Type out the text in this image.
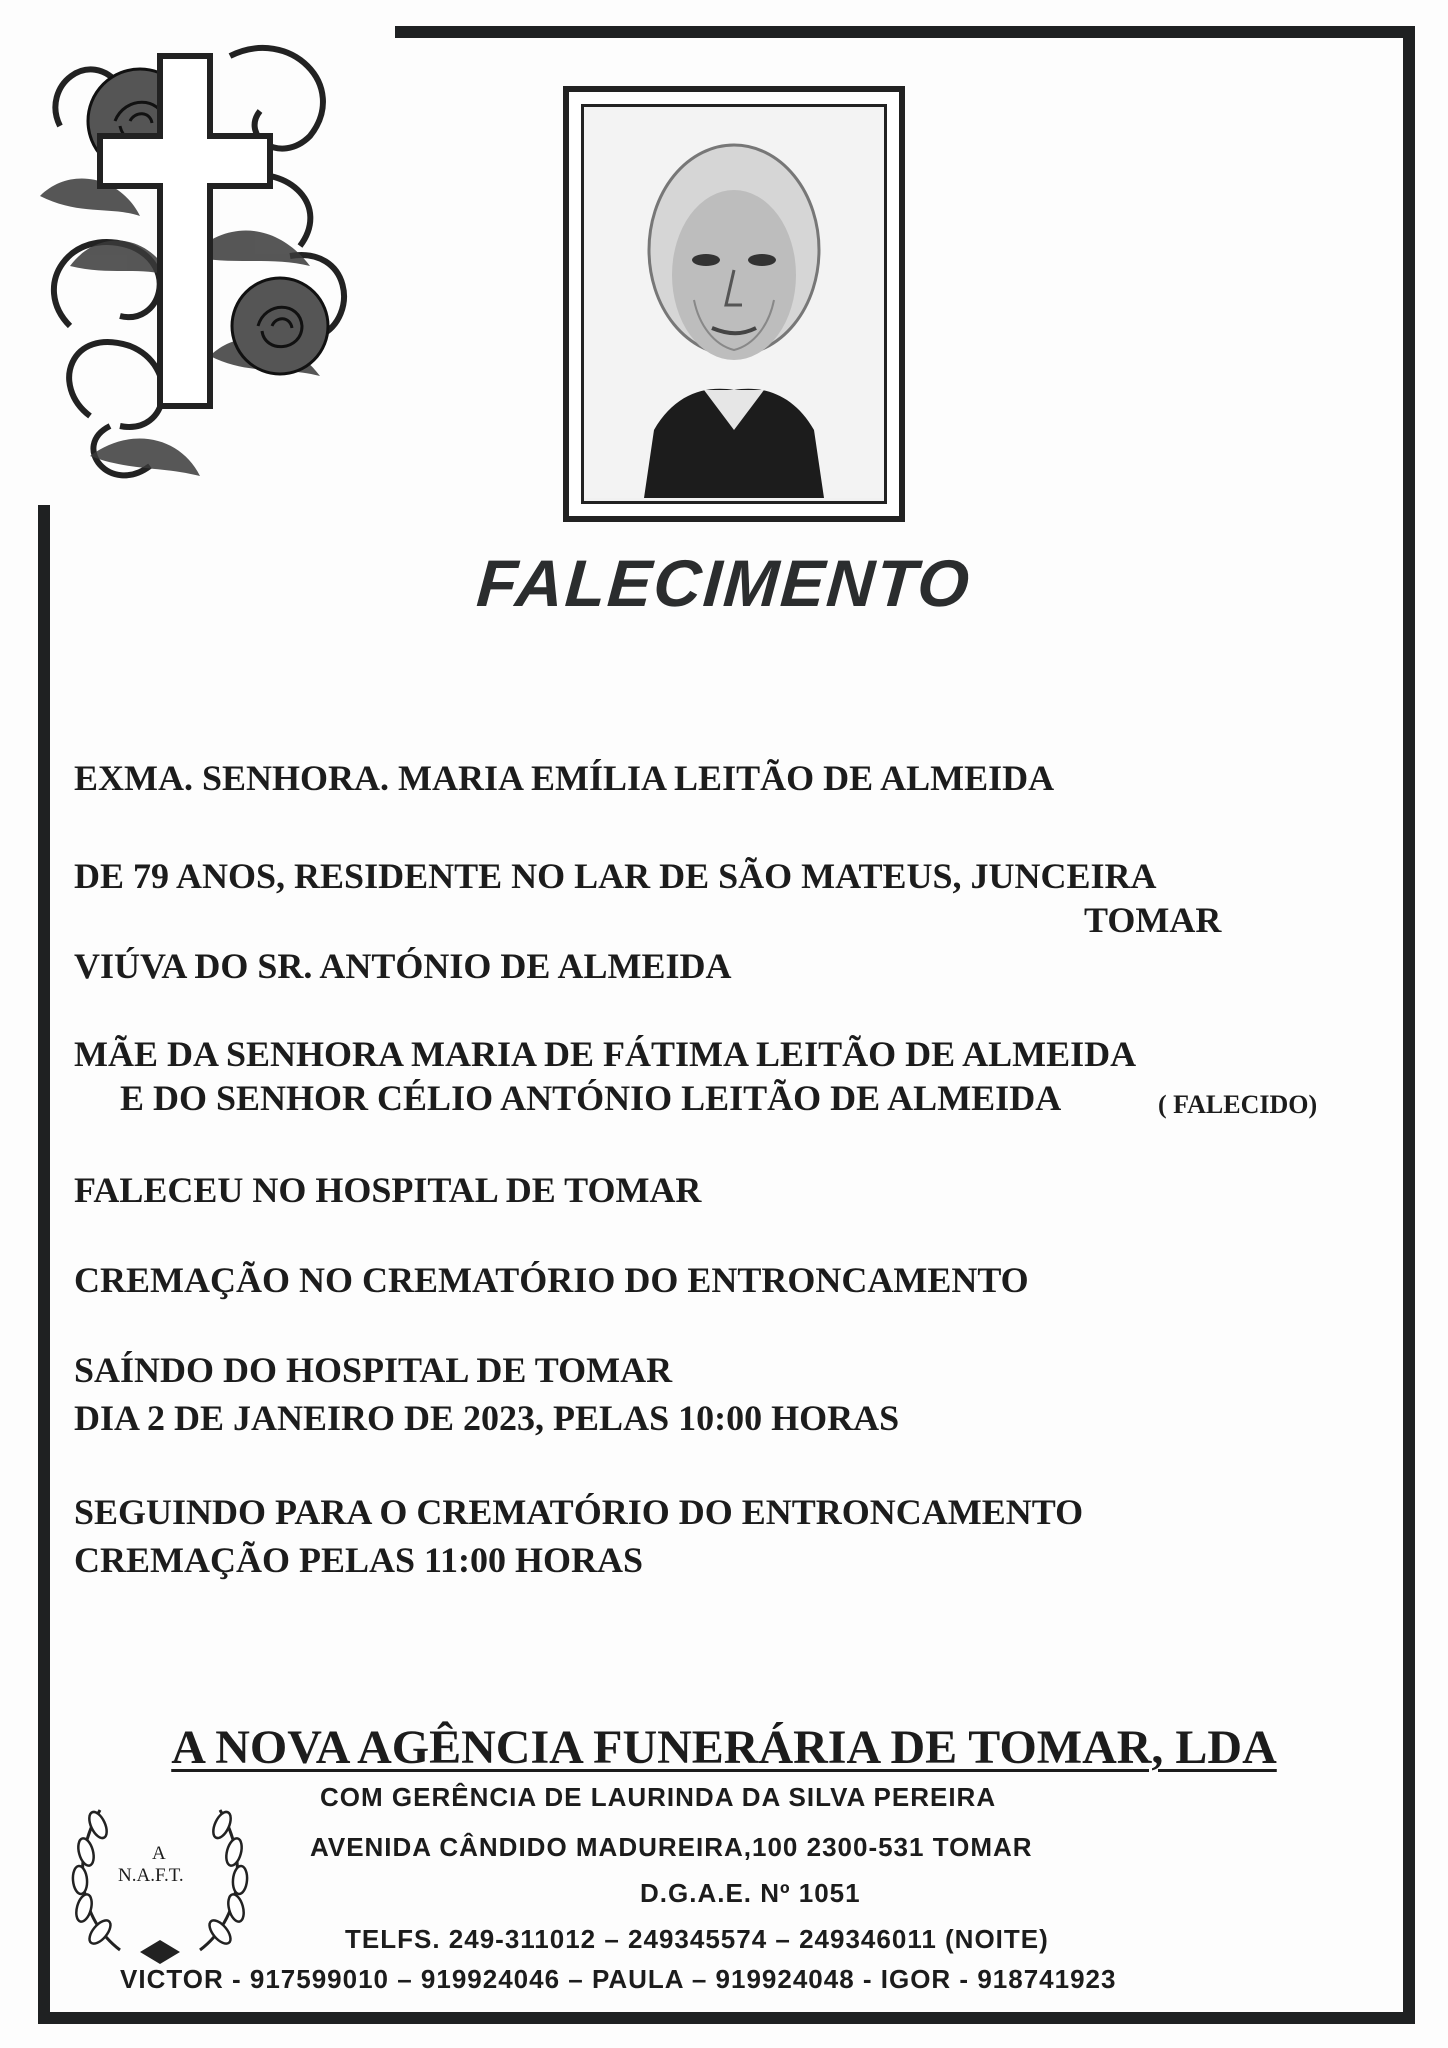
FALECIMENTO
EXMA. SENHORA. MARIA EMÍLIA LEITÃO DE ALMEIDA
DE 79 ANOS, RESIDENTE NO LAR DE SÃO MATEUS, JUNCEIRA
TOMAR
VIÚVA DO SR. ANTÓNIO DE ALMEIDA
MÃE DA SENHORA MARIA DE FÁTIMA LEITÃO DE ALMEIDA
E DO SENHOR CÉLIO ANTÓNIO LEITÃO DE ALMEIDA	( FALECIDO)
FALECEU NO HOSPITAL DE TOMAR
CREMAÇÃO NO CREMATÓRIO DO ENTRONCAMENTO
SAÍNDO DO HOSPITAL DE TOMAR
DIA 2 DE JANEIRO DE 2023, PELAS 10:00 HORAS
SEGUINDO PARA O CREMATÓRIO DO ENTRONCAMENTO
CREMAÇÃO PELAS 11:00 HORAS
A NOVA AGÊNCIA FUNERÁRIA DE TOMAR, LDA
A
N.A.F.T.
COM GERÊNCIA DE LAURINDA DA SILVA PEREIRA
AVENIDA CÂNDIDO MADUREIRA,100 2300-531 TOMAR
D.G.A.E. Nº 1051
TELFS. 249-311012 – 249345574 – 249346011 (NOITE)
VICTOR - 917599010 – 919924046 – PAULA – 919924048 - IGOR - 918741923
